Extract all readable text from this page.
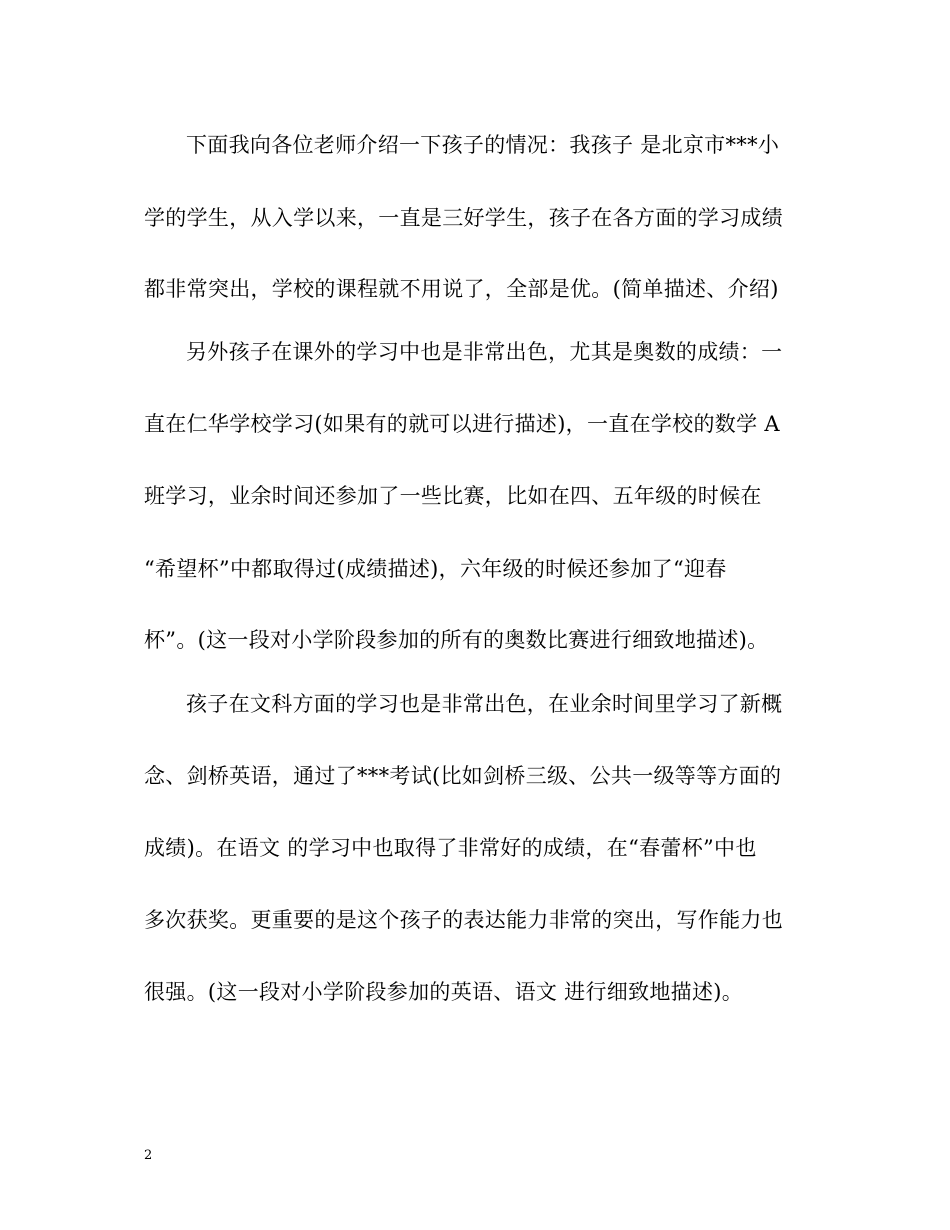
下面我向各位老师介绍一下孩子的情况：我孩子 是北京市***小
学的学生，从入学以来，一直是三好学生，孩子在各方面的学习成绩
都非常突出，学校的课程就不用说了，全部是优。(简单描述、介绍)
另外孩子在课外的学习中也是非常出色，尤其是奥数的成绩：一
直在仁华学校学习(如果有的就可以进行描述)，一直在学校的数学 A
班学习，业余时间还参加了一些比赛，比如在四、五年级的时候在
“希望杯”中都取得过(成绩描述)，六年级的时候还参加了“迎春
杯”。(这一段对小学阶段参加的所有的奥数比赛进行细致地描述)。
孩子在文科方面的学习也是非常出色，在业余时间里学习了新概
念、剑桥英语，通过了***考试(比如剑桥三级、公共一级等等方面的
成绩)。在语文 的学习中也取得了非常好的成绩，在“春蕾杯”中也
多次获奖。更重要的是这个孩子的表达能力非常的突出，写作能力也
很强。(这一段对小学阶段参加的英语、语文 进行细致地描述)。
2
